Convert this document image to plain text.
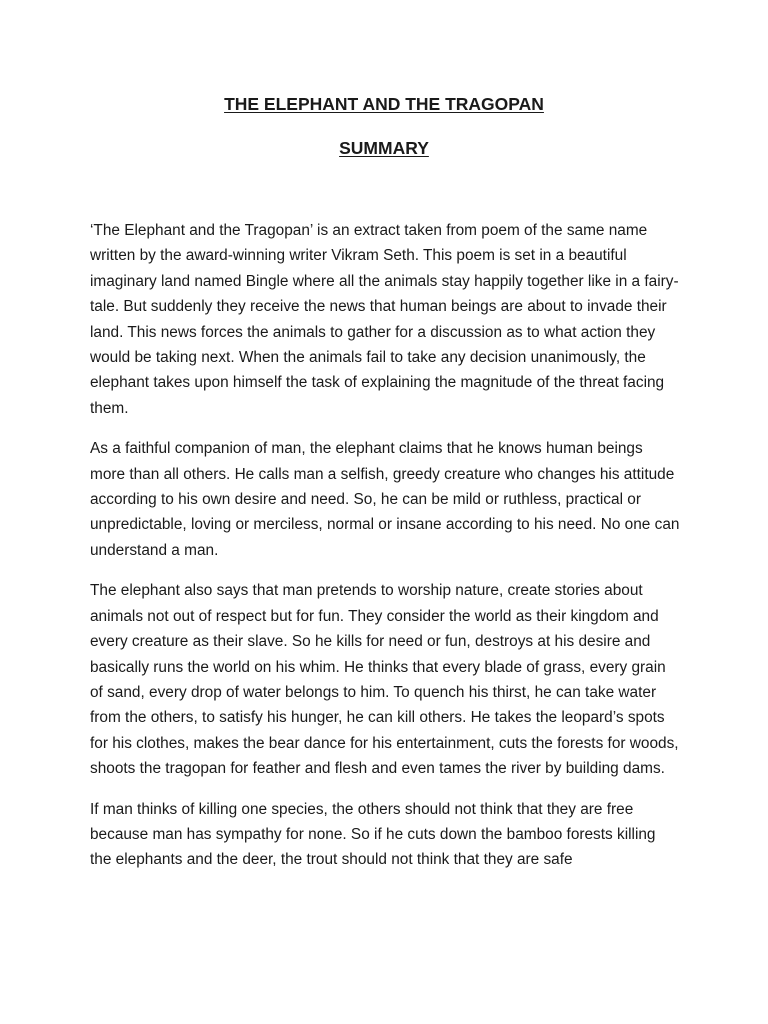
THE ELEPHANT AND THE TRAGOPAN
SUMMARY

‘The Elephant and the Tragopan’ is an extract taken from poem of the same name written by the award-winning writer Vikram Seth. This poem is set in a beautiful imaginary land named Bingle where all the animals stay happily together like in a fairy-tale. But suddenly they receive the news that human beings are about to invade their land. This news forces the animals to gather for a discussion as to what action they would be taking next. When the animals fail to take any decision unanimously, the elephant takes upon himself the task of explaining the magnitude of the threat facing them.

As a faithful companion of man, the elephant claims that he knows human beings more than all others. He calls man a selfish, greedy creature who changes his attitude according to his own desire and need. So, he can be mild or ruthless, practical or unpredictable, loving or merciless, normal or insane according to his need. No one can understand a man.

The elephant also says that man pretends to worship nature, create stories about animals not out of respect but for fun. They consider the world as their kingdom and every creature as their slave. So he kills for need or fun, destroys at his desire and basically runs the world on his whim. He thinks that every blade of grass, every grain of sand, every drop of water belongs to him. To quench his thirst, he can take water from the others, to satisfy his hunger, he can kill others. He takes the leopard’s spots for his clothes, makes the bear dance for his entertainment, cuts the forests for woods, shoots the tragopan for feather and flesh and even tames the river by building dams.

If man thinks of killing one species, the others should not think that they are free because man has sympathy for none. So if he cuts down the bamboo forests killing the elephants and the deer, the trout should not think that they are safe
